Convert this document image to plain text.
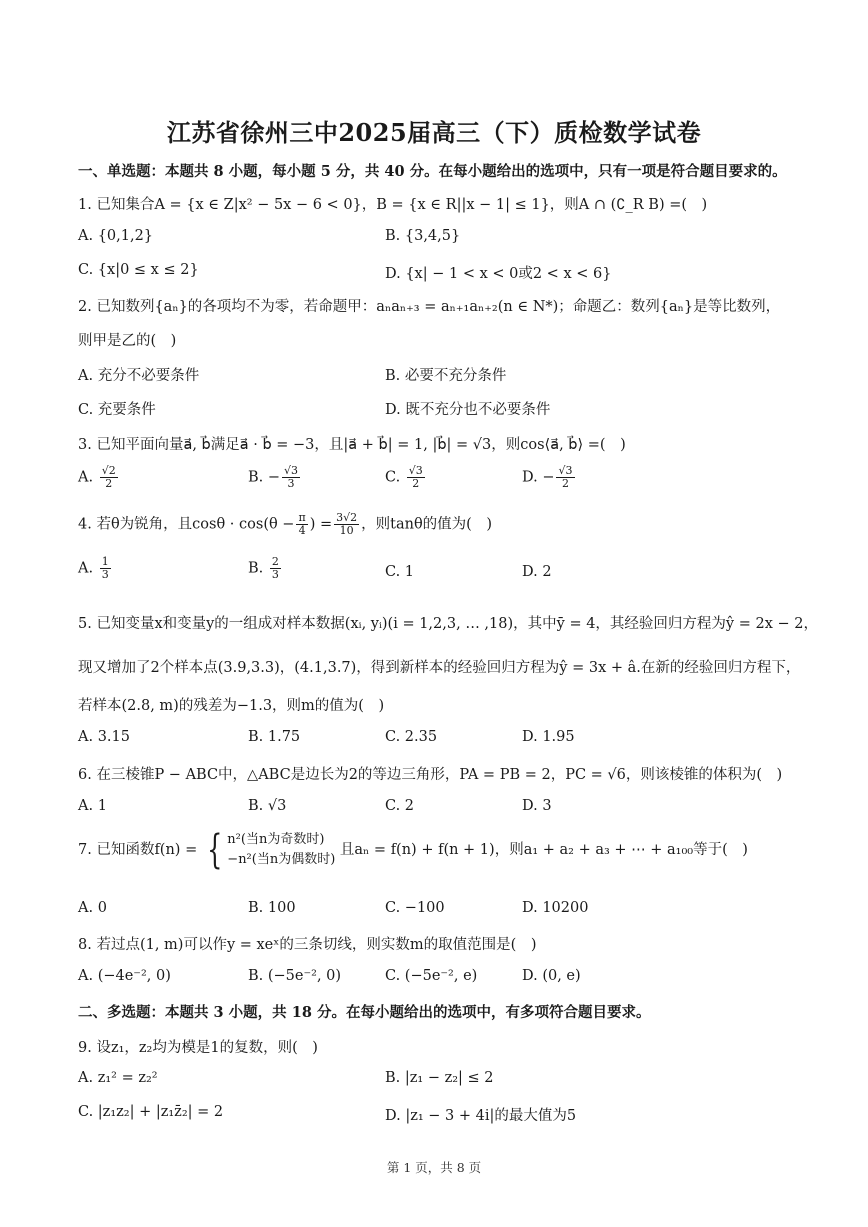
江苏省徐州三中2025届高三（下）质检数学试卷
一、单选题：本题共 8 小题，每小题 5 分，共 40 分。在每小题给出的选项中，只有一项是符合题目要求的。
1. 已知集合A = {x ∈ Z|x² − 5x − 6 < 0}，B = {x ∈ R||x − 1| ≤ 1}，则A ∩ (∁_R B) =(　)
A. {0,1,2}	B. {3,4,5}
C. {x|0 ≤ x ≤ 2}	D. {x| − 1 < x < 0或2 < x < 6}
2. 已知数列{aₙ}的各项均不为零，若命题甲：aₙaₙ₊₃ = aₙ₊₁aₙ₊₂(n ∈ N*)；命题乙：数列{aₙ}是等比数列，
则甲是乙的(　)
A. 充分不必要条件	B. 必要不充分条件
C. 充要条件	D. 既不充分也不必要条件
3. 已知平面向量a⃗, b⃗满足a⃗ · b⃗ = −3，且|a⃗ + b⃗| = 1, |b⃗| = √3，则cos⟨a⃗, b⃗⟩ =(　)
A. $\frac{√2}{2}$	B. − $\frac{√3}{3}$	C. $\frac{√3}{2}$	D. − $\frac{√3}{2}$
4. 若θ为锐角，且$\cos\theta \cdot \cos(\theta - \frac{\pi}{4}$ ) = $\frac{3√2}{10}$ ，则tanθ的值为(　)
A. $\frac{1}{3}$	B. $\frac{2}{3}$	C. 1	D. 2
5. 已知变量x和变量y的一组成对样本数据(xᵢ, yᵢ)(i = 1,2,3, … ,18)，其中ȳ = 4，其经验回归方程为ŷ = 2x − 2，
现又增加了2个样本点(3.9,3.3)，(4.1,3.7)，得到新样本的经验回归方程为ŷ = 3x + â.在新的经验回归方程下，
若样本(2.8, m)的残差为−1.3，则m的值为(　)
A. 3.15	B. 1.75	C. 2.35	D. 1.95
6. 在三棱锥P − ABC中，△ABC是边长为2的等边三角形，PA = PB = 2，PC = √6，则该棱锥的体积为(　)
A. 1	B. √3	C. 2	D. 3
7. 已知函数f(n) = { n²(当n为奇数时)
−n²(当n为偶数时)
且aₙ = f(n) + f(n + 1)，则a₁ + a₂ + a₃ + ⋯ + a₁₀₀等于(　)
A. 0	B. 100	C. −100	D. 10200
8. 若过点(1, m)可以作y = xeˣ的三条切线，则实数m的取值范围是(　)
A. (−4e⁻², 0)	B. (−5e⁻², 0)	C. (−5e⁻², e)	D. (0, e)
二、多选题：本题共 3 小题，共 18 分。在每小题给出的选项中，有多项符合题目要求。
9. 设z₁，z₂均为模是1的复数，则(　)
A. z₁² = z₂²	B. |z₁ − z₂| ≤ 2
C. |z₁z₂| + |z₁z̄₂| = 2	D. |z₁ − 3 + 4i|的最大值为5
第 1 页，共 8 页
